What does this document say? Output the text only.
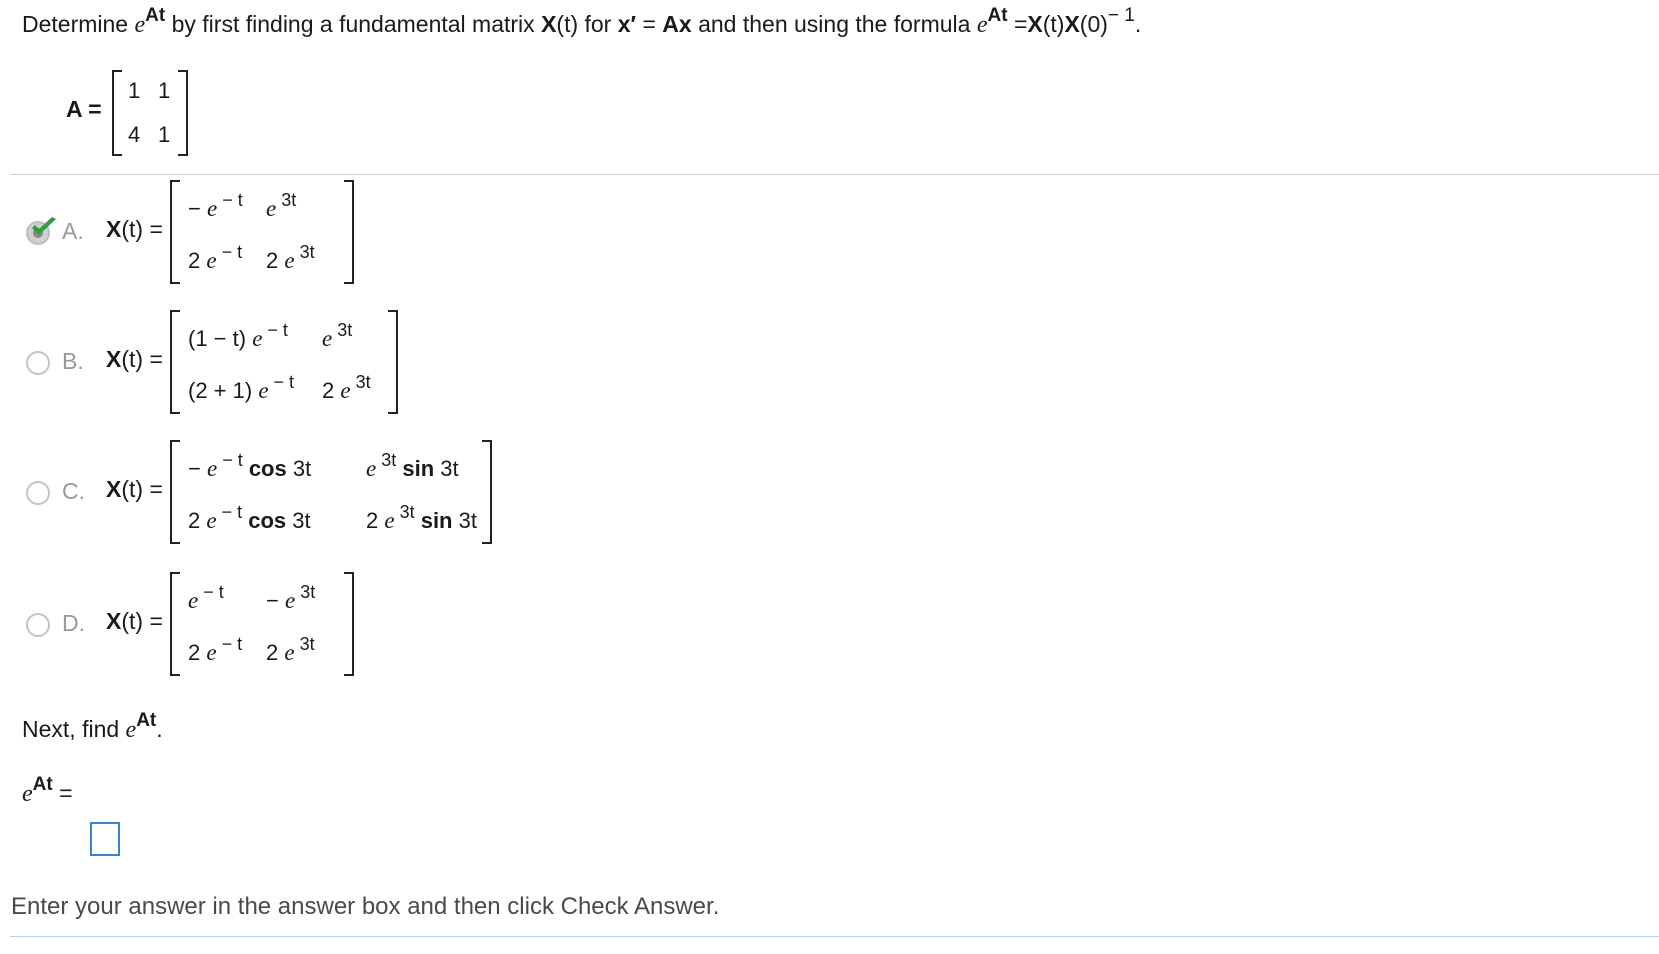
Determine $e^{At}$ by first finding a fundamental matrix X(t) for x′ = Ax and then using the formula $e^{At} =X(t)X(0)^{- 1}$.
A =
1 1
4 1
A. X(t) =
− e $^{- t}$ e $^{3t}$
2 e $^{- t}$ 2 e $^{3t}$
B. X(t) =
(1 − t) e $^{- t}$ e $^{3t}$
(2 + 1) e $^{- t}$ 2 e $^{3t}$
C. X(t) =
− e $^{- t}$ cos 3t e $^{3t}$ sin 3t
2 e $^{- t}$ cos 3t	2 e $^{3t}$ sin 3t
D. X(t) =
e $^{- t}$ − e $^{3t}$
2 e $^{- t}$ 2 e $^{3t}$
Next, find $e^{At}$.
$e^{At}$ =
Enter your answer in the answer box and then click Check Answer.
